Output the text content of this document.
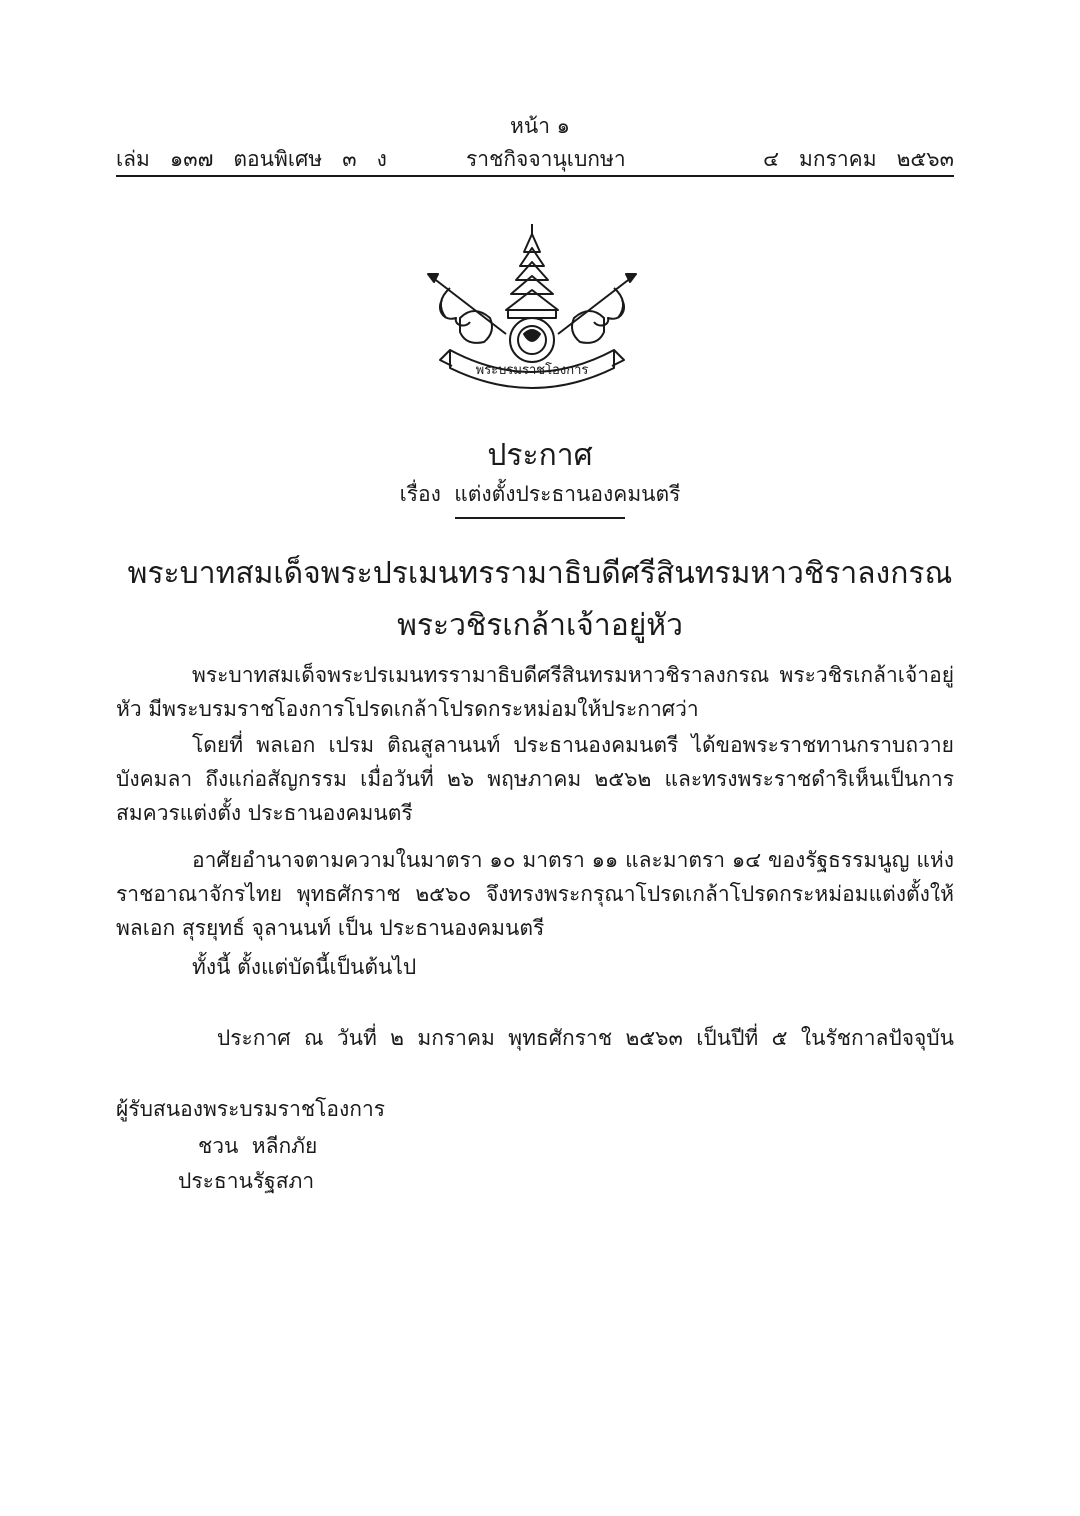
หน้า ๑
เล่ม   ๑๓๗   ตอนพิเศษ   ๓   ง	ราชกิจจานุเบกษา	๔   มกราคม   ๒๕๖๓
พระบรมราชโองการ
ประกาศ
เรื่อง  แต่งตั้งประธานองคมนตรี
พระบาทสมเด็จพระปรเมนทรรามาธิบดีศรีสินทรมหาวชิราลงกรณ
พระวชิรเกล้าเจ้าอยู่หัว

พระบาทสมเด็จพระปรเมนทรรามาธิบดีศรีสินทรมหาวชิราลงกรณ พระวชิรเกล้าเจ้าอยู่หัว มีพระบรมราชโองการโปรดเกล้าโปรดกระหม่อมให้ประกาศว่า

โดยที่ พลเอก เปรม ติณสูลานนท์ ประธานองคมนตรี ได้ขอพระราชทานกราบถวายบังคมลา ถึงแก่อสัญกรรม เมื่อวันที่ ๒๖ พฤษภาคม ๒๕๖๒ และทรงพระราชดำริเห็นเป็นการสมควรแต่งตั้ง ประธานองคมนตรี

อาศัยอำนาจตามความในมาตรา ๑๐ มาตรา ๑๑ และมาตรา ๑๔ ของรัฐธรรมนูญ แห่งราชอาณาจักรไทย พุทธศักราช ๒๕๖๐ จึงทรงพระกรุณาโปรดเกล้าโปรดกระหม่อมแต่งตั้งให้ พลเอก สุรยุทธ์ จุลานนท์ เป็น ประธานองคมนตรี

ทั้งนี้ ตั้งแต่บัดนี้เป็นต้นไป

ประกาศ  ณ  วันที่  ๒  มกราคม  พุทธศักราช  ๒๕๖๓  เป็นปีที่  ๕  ในรัชกาลปัจจุบัน
ผู้รับสนองพระบรมราชโองการ
ชวน  หลีกภัย
ประธานรัฐสภา
